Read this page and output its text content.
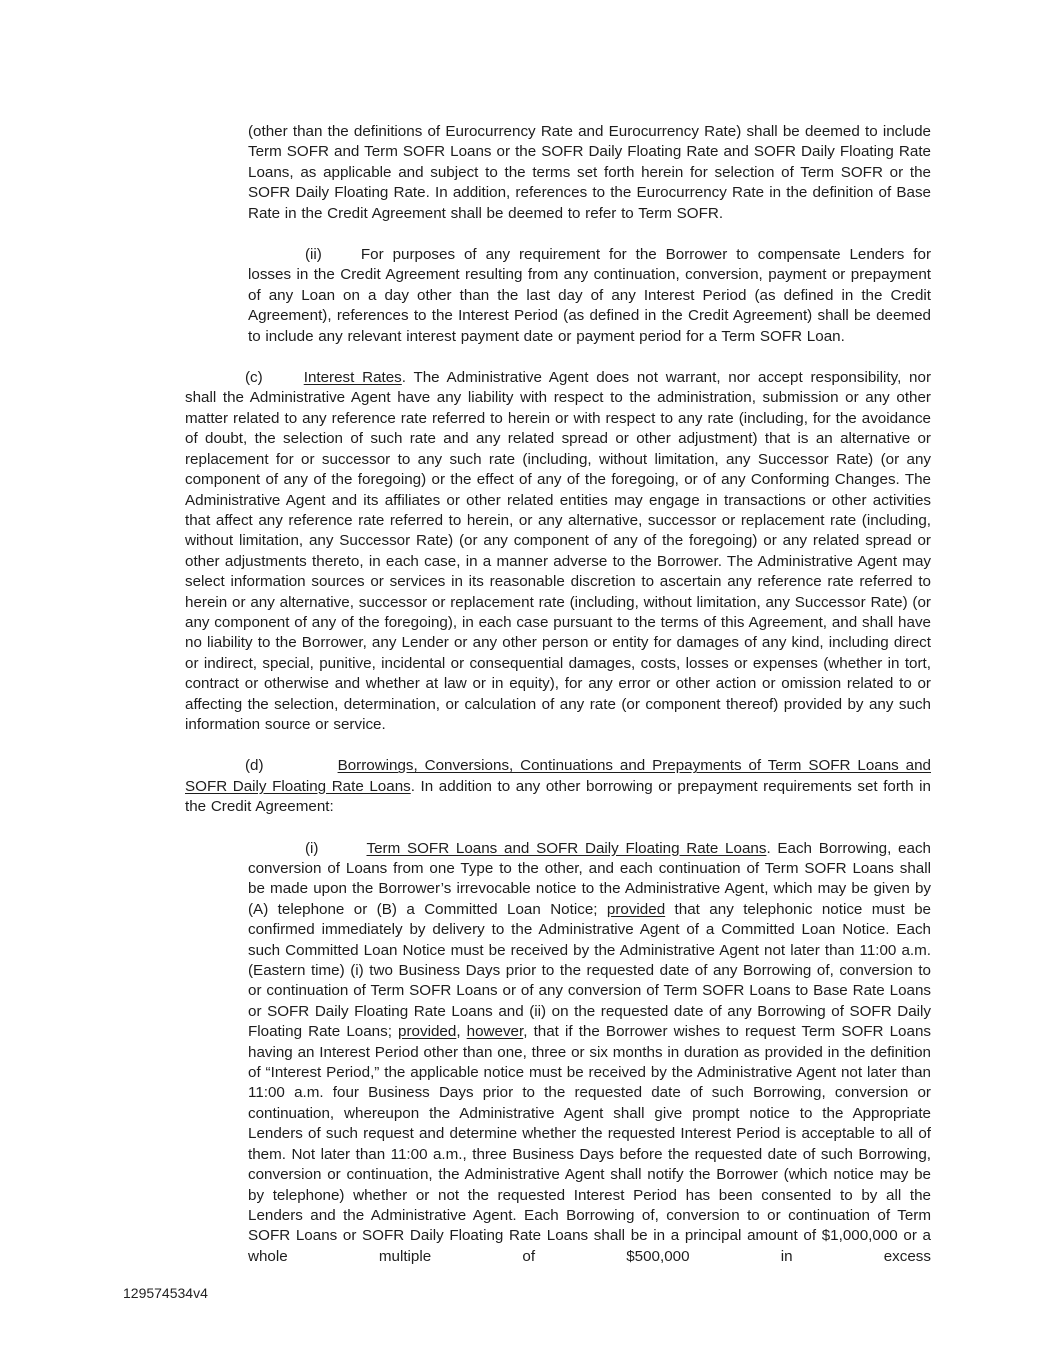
(other than the definitions of Eurocurrency Rate and Eurocurrency Rate) shall be deemed to include Term SOFR and Term SOFR Loans or the SOFR Daily Floating Rate and SOFR Daily Floating Rate Loans, as applicable and subject to the terms set forth herein for selection of Term SOFR or the SOFR Daily Floating Rate. In addition, references to the Eurocurrency Rate in the definition of Base Rate in the Credit Agreement shall be deemed to refer to Term SOFR.

(ii)	For purposes of any requirement for the Borrower to compensate Lenders for losses in the Credit Agreement resulting from any continuation, conversion, payment or prepayment of any Loan on a day other than the last day of any Interest Period (as defined in the Credit Agreement), references to the Interest Period (as defined in the Credit Agreement) shall be deemed to include any relevant interest payment date or payment period for a Term SOFR Loan.

(c)	Interest Rates. The Administrative Agent does not warrant, nor accept responsibility, nor shall the Administrative Agent have any liability with respect to the administration, submission or any other matter related to any reference rate referred to herein or with respect to any rate (including, for the avoidance of doubt, the selection of such rate and any related spread or other adjustment) that is an alternative or replacement for or successor to any such rate (including, without limitation, any Successor Rate) (or any component of any of the foregoing) or the effect of any of the foregoing, or of any Conforming Changes. The Administrative Agent and its affiliates or other related entities may engage in transactions or other activities that affect any reference rate referred to herein, or any alternative, successor or replacement rate (including, without limitation, any Successor Rate) (or any component of any of the foregoing) or any related spread or other adjustments thereto, in each case, in a manner adverse to the Borrower. The Administrative Agent may select information sources or services in its reasonable discretion to ascertain any reference rate referred to herein or any alternative, successor or replacement rate (including, without limitation, any Successor Rate) (or any component of any of the foregoing), in each case pursuant to the terms of this Agreement, and shall have no liability to the Borrower, any Lender or any other person or entity for damages of any kind, including direct or indirect, special, punitive, incidental or consequential damages, costs, losses or expenses (whether in tort, contract or otherwise and whether at law or in equity), for any error or other action or omission related to or affecting the selection, determination, or calculation of any rate (or component thereof) provided by any such information source or service.

(d)	Borrowings, Conversions, Continuations and Prepayments of Term SOFR Loans and SOFR Daily Floating Rate Loans. In addition to any other borrowing or prepayment requirements set forth in the Credit Agreement:

(i)	Term SOFR Loans and SOFR Daily Floating Rate Loans. Each Borrowing, each conversion of Loans from one Type to the other, and each continuation of Term SOFR Loans shall be made upon the Borrower’s irrevocable notice to the Administrative Agent, which may be given by (A) telephone or (B) a Committed Loan Notice; provided that any telephonic notice must be confirmed immediately by delivery to the Administrative Agent of a Committed Loan Notice. Each such Committed Loan Notice must be received by the Administrative Agent not later than 11:00 a.m. (Eastern time) (i) two Business Days prior to the requested date of any Borrowing of, conversion to or continuation of Term SOFR Loans or of any conversion of Term SOFR Loans to Base Rate Loans or SOFR Daily Floating Rate Loans and (ii) on the requested date of any Borrowing of SOFR Daily Floating Rate Loans; provided, however, that if the Borrower wishes to request Term SOFR Loans having an Interest Period other than one, three or six months in duration as provided in the definition of “Interest Period,” the applicable notice must be received by the Administrative Agent not later than 11:00 a.m. four Business Days prior to the requested date of such Borrowing, conversion or continuation, whereupon the Administrative Agent shall give prompt notice to the Appropriate Lenders of such request and determine whether the requested Interest Period is acceptable to all of them. Not later than 11:00 a.m., three Business Days before the requested date of such Borrowing, conversion or continuation, the Administrative Agent shall notify the Borrower (which notice may be by telephone) whether or not the requested Interest Period has been consented to by all the Lenders and the Administrative Agent. Each Borrowing of, conversion to or continuation of Term SOFR Loans or SOFR Daily Floating Rate Loans shall be in a principal amount of $1,000,000 or a whole multiple of $500,000 in excess

129574534v4
